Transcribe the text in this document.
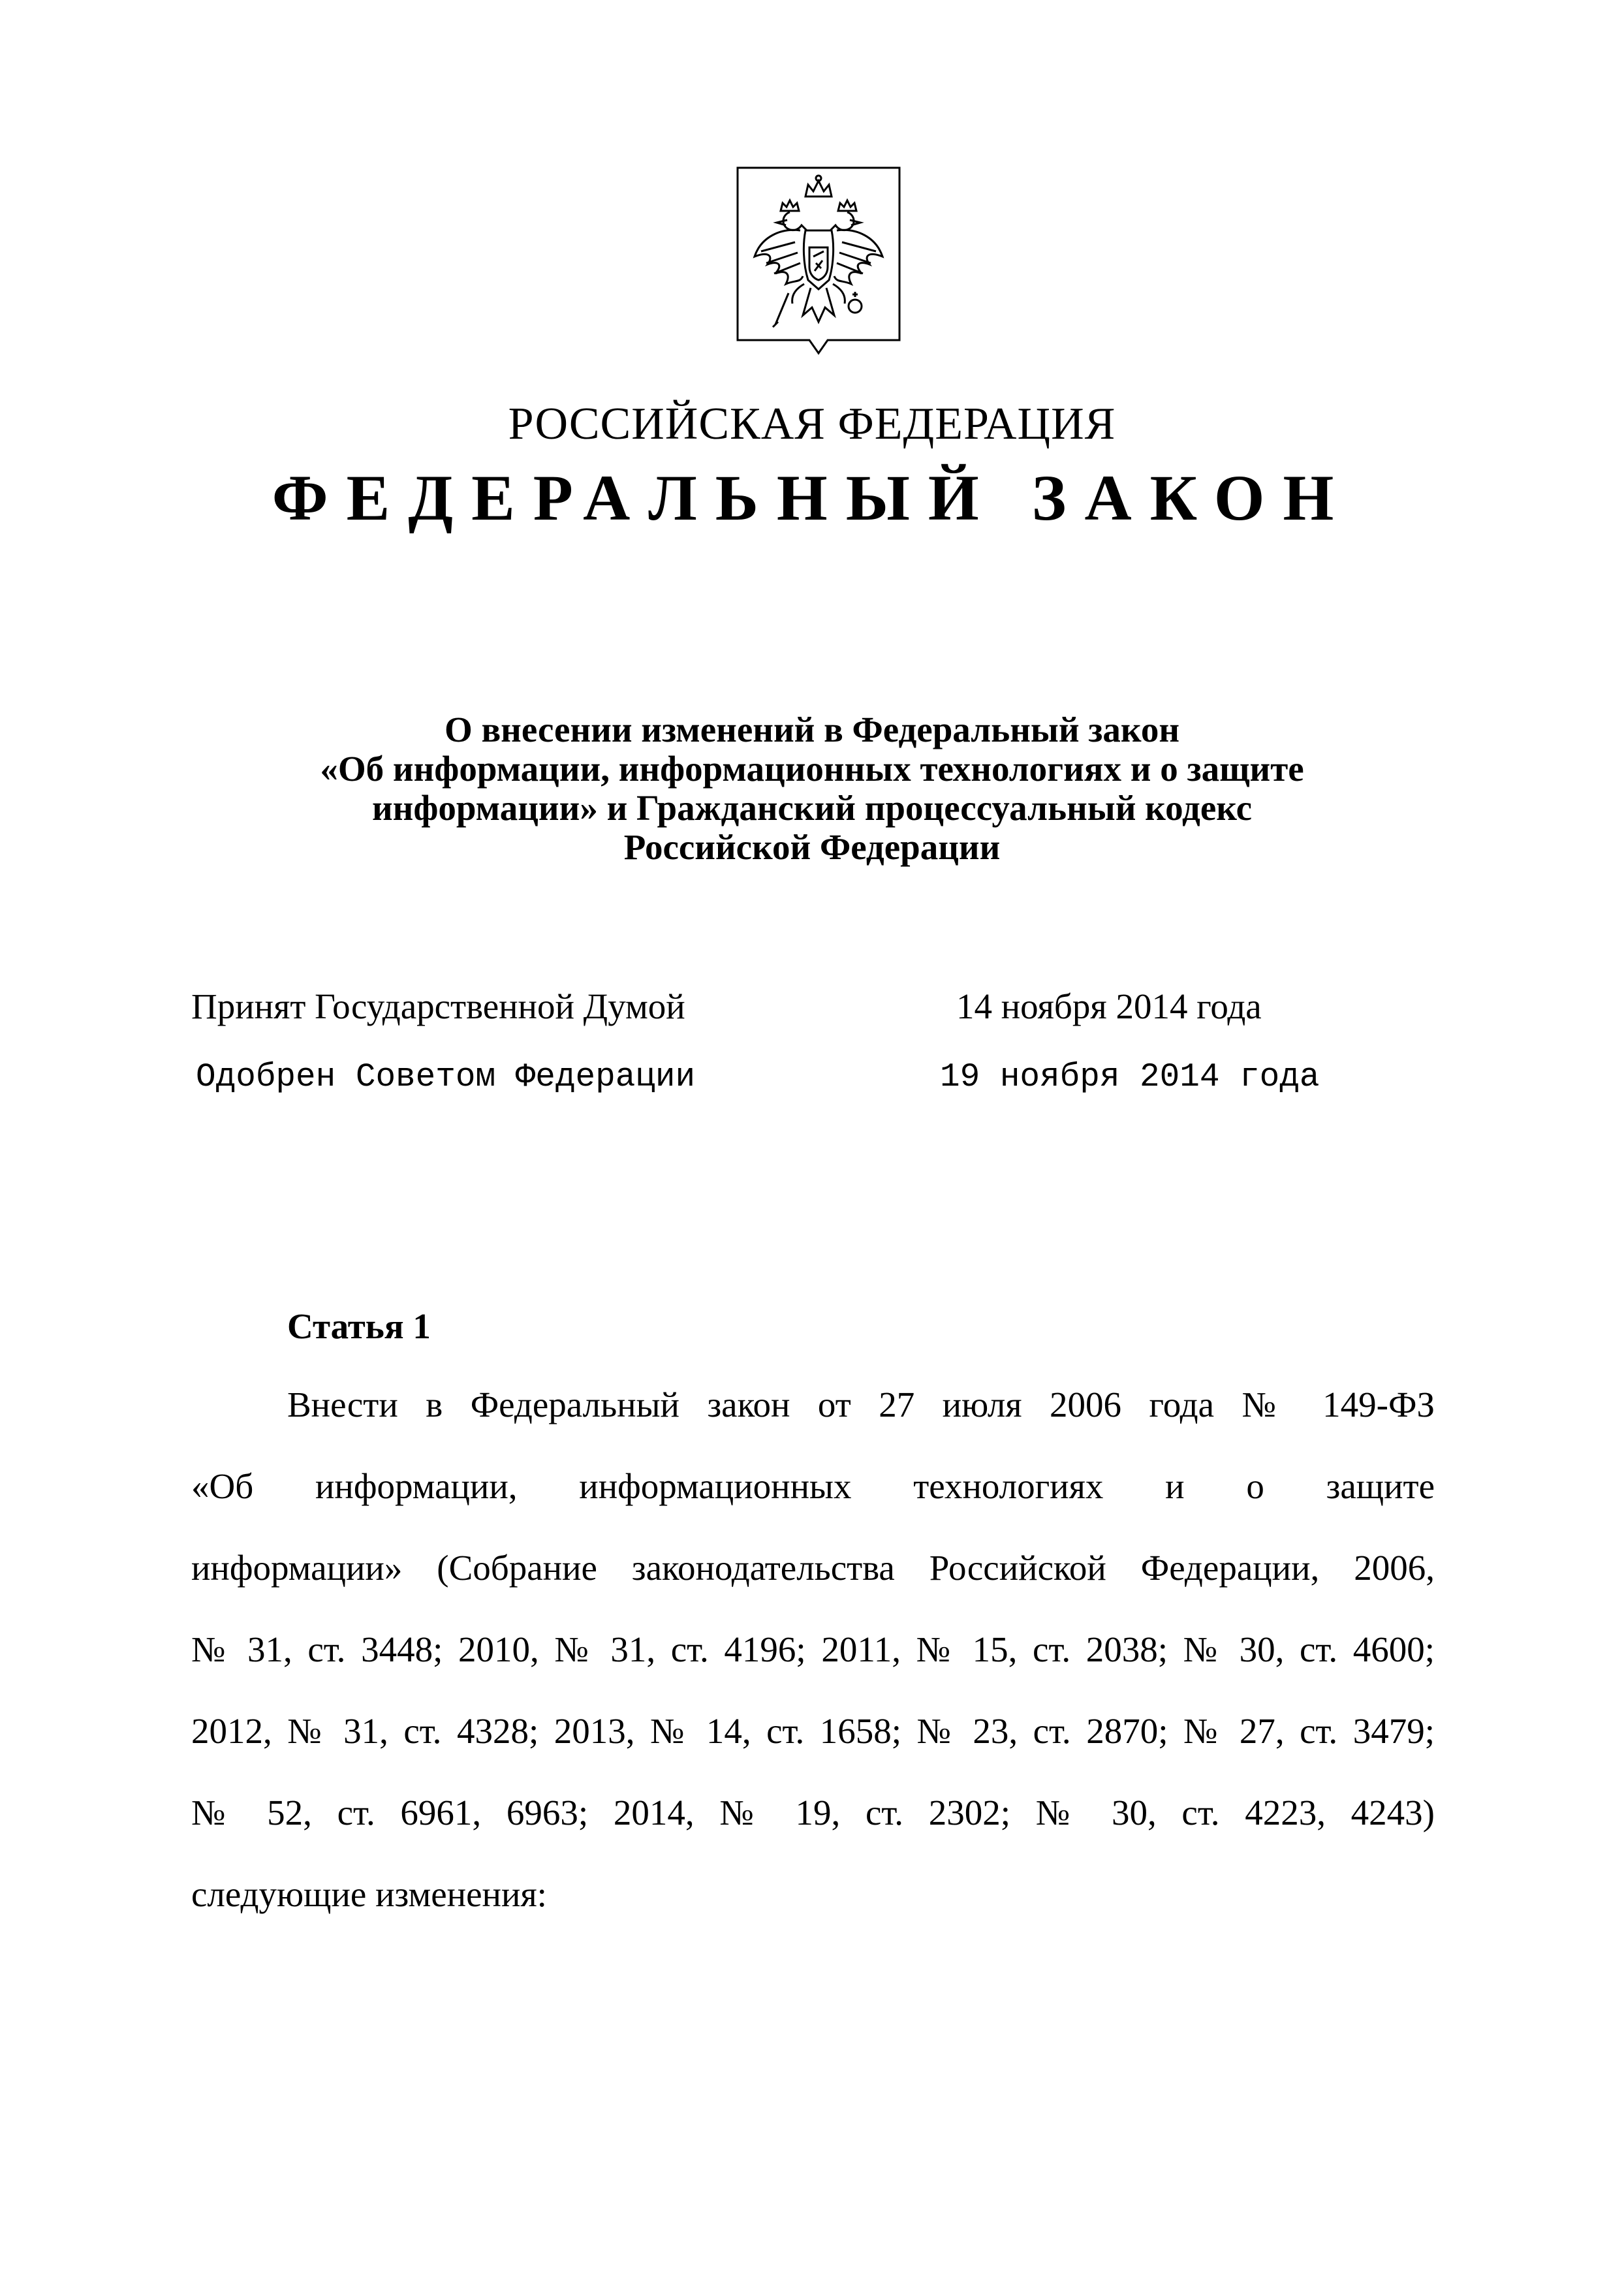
РОССИЙСКАЯ ФЕДЕРАЦИЯ
ФЕДЕРАЛЬНЫЙ ЗАКОН
О внесении изменений в Федеральный закон
«Об информации, информационных технологиях и о защите
информации» и Гражданский процессуальный кодекс
Российской Федерации
Принят Государственной Думой	14 ноября 2014 года
Одобрен Советом Федерации	19 ноября 2014 года
Статья 1
Внести в Федеральный закон от 27 июля 2006 года № 149-ФЗ
«Об информации, информационных технологиях и о защите
информации» (Собрание законодательства Российской Федерации, 2006,
№ 31, ст. 3448; 2010, № 31, ст. 4196; 2011, № 15, ст. 2038; № 30, ст. 4600;
2012, № 31, ст. 4328; 2013, № 14, ст. 1658; № 23, ст. 2870; № 27, ст. 3479;
№ 52, ст. 6961, 6963; 2014, № 19, ст. 2302; № 30, ст. 4223, 4243)
следующие изменения:
